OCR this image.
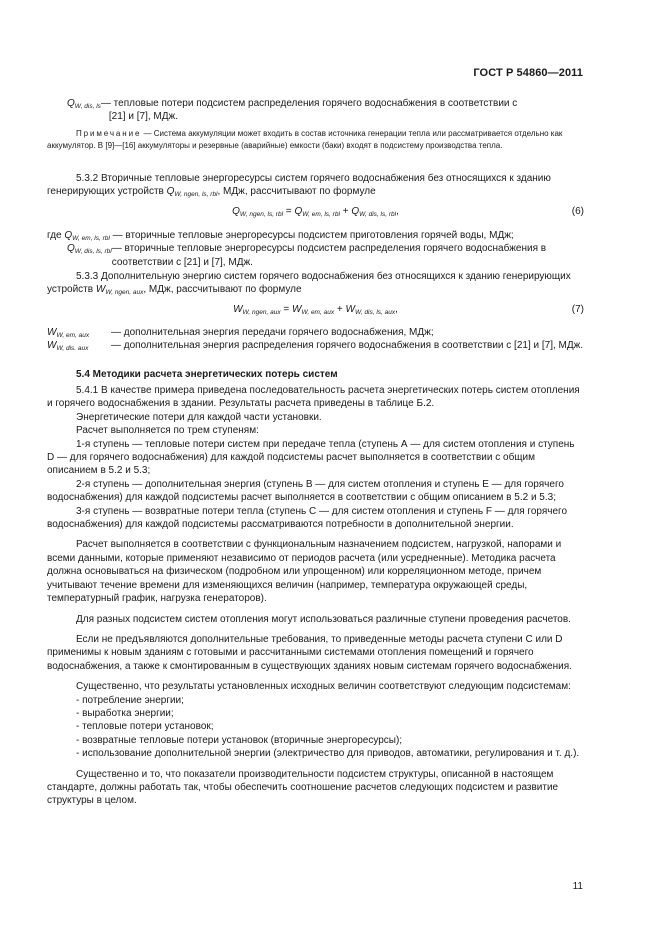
ГОСТ Р 54860—2011
$Q_{W, dis, ls}$ — тепловые потери подсистем распределения горячего водоснабжения в соответствии с
[21] и [7], МДж.
Примечание — Система аккумуляции может входить в состав источника генерации тепла или рассматривается отдельно как аккумулятор. В [9]—[16] аккумуляторы и резервные (аварийные) емкости (баки) входят в подсистему производства тепла.
5.3.2 Вторичные тепловые энергоресурсы систем горячего водоснабжения без относящихся к зданию генерирующих устройств $Q_{W, ngen, ls, rbl}$, МДж, рассчитывают по формуле
$Q_{W, ngen, ls, rbl} = Q_{W, em, ls, rbl} + Q_{W, dis, ls, rbl}$,	(6)
где $Q_{W, em, ls, rbl}$ — вторичные тепловые энергоресурсы подсистем приготовления горячей воды, МДж;
$Q_{W, dis, ls, rbl}$ — вторичные тепловые энергоресурсы подсистем распределения горячего водоснабжения в соответствии с [21] и [7], МДж.
5.3.3 Дополнительную энергию систем горячего водоснабжения без относящихся к зданию генерирующих устройств $W_{W, ngen, aux}$, МДж, рассчитывают по формуле
$W_{W, ngen, aux} = W_{W, em, aux} + W_{W, dis, ls, aux}$,	(7)
$W_{W, em, aux}$	— дополнительная энергия передачи горячего водоснабжения, МДж;
$W_{W, dis. aux}$	— дополнительная энергия распределения горячего водоснабжения в соответствии с [21] и [7], МДж.
5.4 Методики расчета энергетических потерь систем

5.4.1 В качестве примера приведена последовательность расчета энергетических потерь систем отопления и горячего водоснабжения в здании. Результаты расчета приведены в таблице Б.2.

Энергетические потери для каждой части установки.

Расчет выполняется по трем ступеням:

1-я ступень — тепловые потери систем при передаче тепла (ступень А — для систем отопления и ступень D — для горячего водоснабжения) для каждой подсистемы расчет выполняется в соответствии с общим описанием в 5.2 и 5.3;

2-я ступень — дополнительная энергия (ступень В — для систем отопления и ступень Е — для горячего водоснабжения) для каждой подсистемы расчет выполняется в соответствии с общим описанием в 5.2 и 5.3;

3-я ступень — возвратные потери тепла (ступень С — для систем отопления и ступень F — для горячего водоснабжения) для каждой подсистемы рассматриваются потребности в дополнительной энергии.

Расчет выполняется в соответствии с функциональным назначением подсистем, нагрузкой, напорами и всеми данными, которые применяют независимо от периодов расчета (или усредненные). Методика расчета должна основываться на физическом (подробном или упрощенном) или корреляционном методе, причем учитывают течение времени для изменяющихся величин (например, температура окружающей среды, температурный график, нагрузка генераторов).

Для разных подсистем систем отопления могут использоваться различные ступени проведения расчетов.

Если не предъявляются дополнительные требования, то приведенные методы расчета ступени С или D применимы к новым зданиям с готовыми и рассчитанными системами отопления помещений и горячего водоснабжения, а также к смонтированным в существующих зданиях новым системам горячего водоснабжения.

Существенно, что результаты установленных исходных величин соответствуют следующим подсистемам:

- потребление энергии;

- выработка энергии;

- тепловые потери установок;

- возвратные тепловые потери установок (вторичные энергоресурсы);

- использование дополнительной энергии (электричество для приводов, автоматики, регулирования и т. д.).

Существенно и то, что показатели производительности подсистем структуры, описанной в настоящем стандарте, должны работать так, чтобы обеспечить соотношение расчетов следующих подсистем и развитие структуры в целом.

11
